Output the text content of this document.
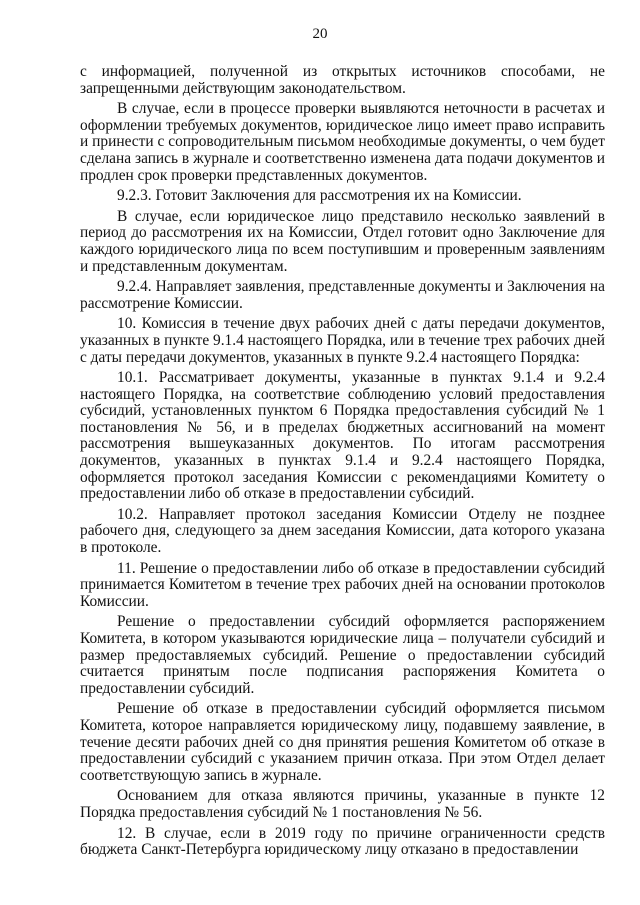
20

с информацией, полученной из открытых источников способами, не запрещенными действующим законодательством.

В случае, если в процессе проверки выявляются неточности в расчетах и оформлении требуемых документов, юридическое лицо имеет право исправить и принести с сопроводительным письмом необходимые документы, о чем будет сделана запись в журнале и соответственно изменена дата подачи документов и продлен срок проверки представленных документов.

9.2.3. Готовит Заключения для рассмотрения их на Комиссии.

В случае, если юридическое лицо представило несколько заявлений в период до рассмотрения их на Комиссии, Отдел готовит одно Заключение для каждого юридического лица по всем поступившим и проверенным заявлениям и представленным документам.

9.2.4. Направляет заявления, представленные документы и Заключения на рассмотрение Комиссии.

10. Комиссия в течение двух рабочих дней с даты передачи документов, указанных в пункте 9.1.4 настоящего Порядка, или в течение трех рабочих дней с даты передачи документов, указанных в пункте 9.2.4 настоящего Порядка:

10.1. Рассматривает документы, указанные в пунктах 9.1.4 и 9.2.4 настоящего Порядка, на соответствие соблюдению условий предоставления субсидий, установленных пунктом 6 Порядка предоставления субсидий № 1 постановления № 56, и в пределах бюджетных ассигнований на момент рассмотрения вышеуказанных документов. По итогам рассмотрения документов, указанных в пунктах 9.1.4 и 9.2.4 настоящего Порядка, оформляется протокол заседания Комиссии с рекомендациями Комитету о предоставлении либо об отказе в предоставлении субсидий.

10.2. Направляет протокол заседания Комиссии Отделу не позднее рабочего дня, следующего за днем заседания Комиссии, дата которого указана в протоколе.

11. Решение о предоставлении либо об отказе в предоставлении субсидий принимается Комитетом в течение трех рабочих дней на основании протоколов Комиссии.

Решение о предоставлении субсидий оформляется распоряжением Комитета, в котором указываются юридические лица – получатели субсидий и размер предоставляемых субсидий. Решение о предоставлении субсидий считается принятым после подписания распоряжения Комитета о предоставлении субсидий.

Решение об отказе в предоставлении субсидий оформляется письмом Комитета, которое направляется юридическому лицу, подавшему заявление, в течение десяти рабочих дней со дня принятия решения Комитетом об отказе в предоставлении субсидий с указанием причин отказа. При этом Отдел делает соответствующую запись в журнале.

Основанием для отказа являются причины, указанные в пункте 12 Порядка предоставления субсидий № 1 постановления № 56.

12. В случае, если в 2019 году по причине ограниченности средств бюджета Санкт-Петербурга юридическому лицу отказано в предоставлении
